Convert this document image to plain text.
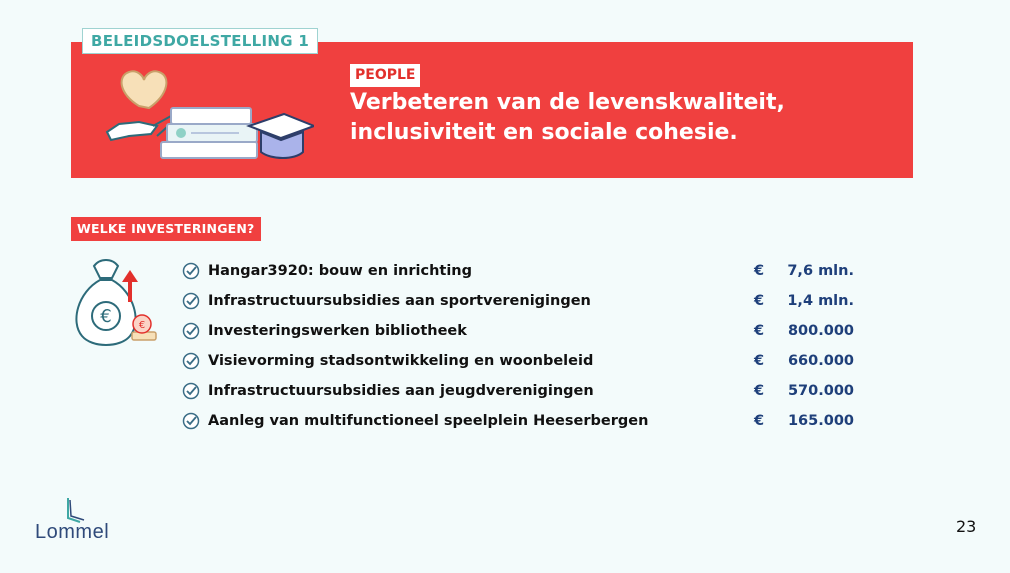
BELEIDSDOELSTELLING 1
PEOPLE
Verbeteren van de levenskwaliteit,
inclusiviteit en sociale cohesie.
WELKE INVESTERINGEN?
€	€
Hangar3920: bouw en inrichting	€	7,6 mln.
Infrastructuursubsidies aan sportverenigingen	€	1,4 mln.
Investeringswerken bibliotheek	€	800.000
Visievorming stadsontwikkeling en woonbeleid	€	660.000
Infrastructuursubsidies aan jeugdverenigingen	€	570.000
Aanleg van multifunctioneel speelplein Heeserbergen	€	165.000
Lommel	23
